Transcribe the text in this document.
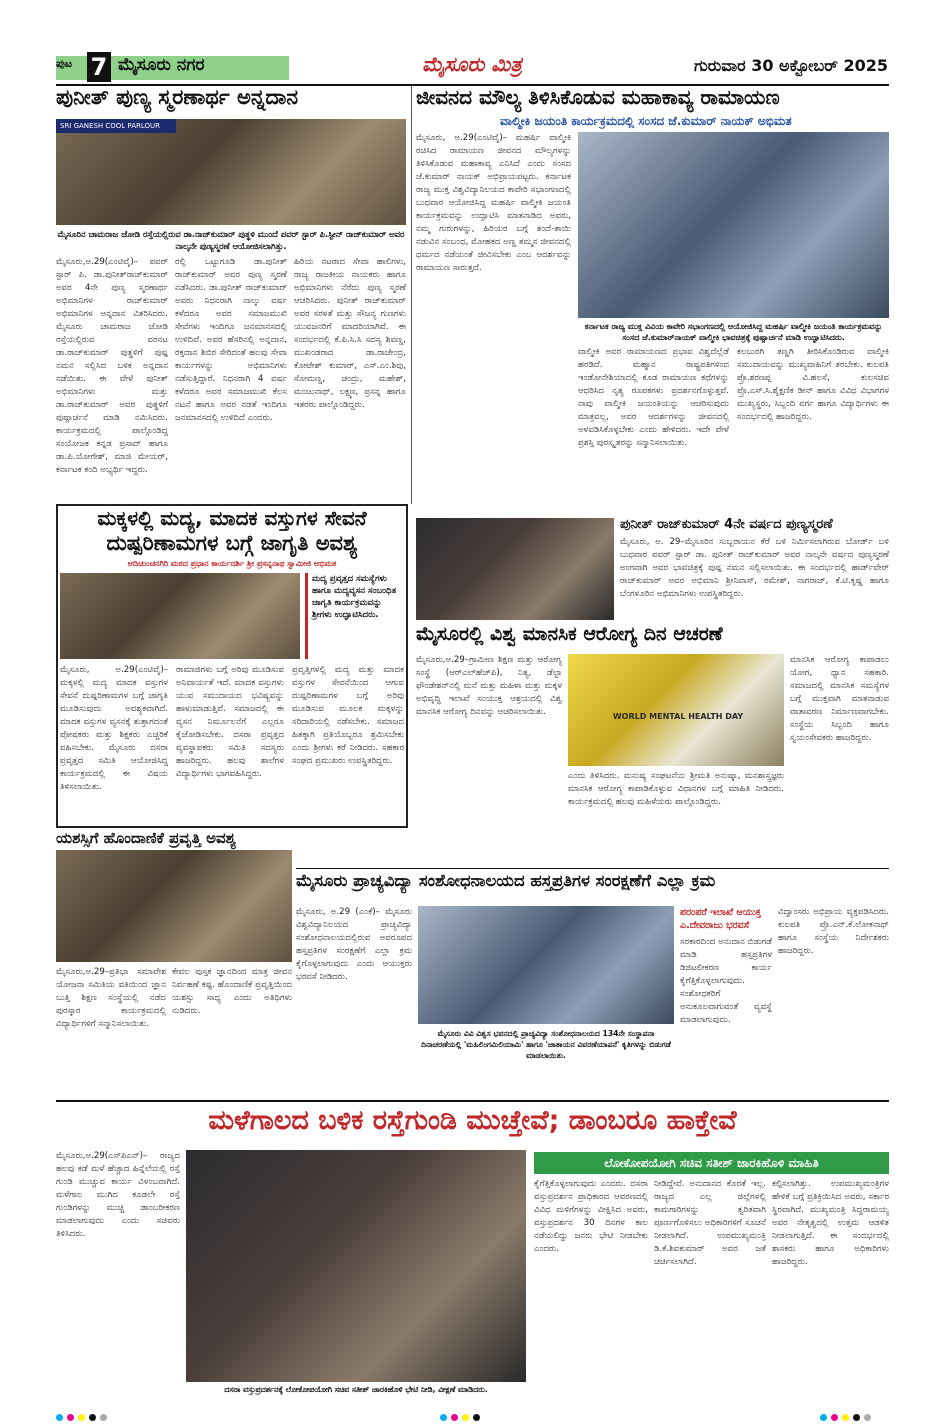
ಪುಟ 7 ಮೈಸೂರು ನಗರ	ಮೈಸೂರು ಮಿತ್ರ	ಗುರುವಾರ 30 ಅಕ್ಟೋಬರ್ 2025
ಪುನೀತ್ ಪುಣ್ಯ ಸ್ಮರಣಾರ್ಥ ಅನ್ನದಾನ
SRI GANESH COOL PARLOUR
ಮೈಸೂರಿನ ಚಾಮರಾಜ ಜೋಡಿ ರಸ್ತೆಯಲ್ಲಿರುವ ಡಾ.ರಾಜ್‌ಕುಮಾರ್ ಪುತ್ಥಳಿ ಮುಂದೆ ಪವರ್ ಸ್ಟಾರ್ ಪಿ.ಸ್ಟೀನ್ ರಾಜ್‌ಕುಮಾರ್ ಅವರ ನಾಲ್ಕನೇ ಪುಣ್ಯಸ್ಮರಣೆ ಆಯೋಜಿಸಲಾಗಿತ್ತು.
ಮೈಸೂರು,ಅ.29(ಎಂಟಿವೈ)– ಪವರ್ ಸ್ಟಾರ್ ಪಿ. ಡಾ.ಪುನೀತ್‌ರಾಜ್‌ಕುಮಾರ್ ಅವರ 4ನೇ ಪುಣ್ಯ ಸ್ಮರಣಾರ್ಥ ಅಭಿಮಾನಿಗಳ ರಾಜ್‌ಕುಮಾರ್ ಅಭಿಮಾನಿಗಳ ಅನ್ನದಾನ ವಿತರಿಸಿದರು. ಮೈಸೂರು ಚಾಮರಾಜ ಜೋಡಿ ರಸ್ತೆಯಲ್ಲಿರುವ ವರನಟ ಡಾ.ರಾಜ್‌ಕುಮಾರ್ ಪುತ್ಥಳಿಗೆ ಪುಷ್ಪ ನಮನ ಸಲ್ಲಿಸಿದ ಬಳಿಕ ಅನ್ನದಾನ ನಡೆಯಿತು. ಈ ವೇಳೆ ಪುನೀತ್ ಅಭಿಮಾನಿಗಳು ಮತ್ತು ಡಾ.ರಾಜ್‌ಕುಮಾರ್ ಅವರ ಪುತ್ಥಳಿಗೆ ಪುಷ್ಪಾರ್ಚನೆ ಮಾಡಿ ನಮಿಸಿದರು. ಕಾರ್ಯಕ್ರಮದಲ್ಲಿ ಪಾಲ್ಗೊಂಡಿದ್ದ ಸಂಯೋಜಕ ಕನ್ನಡ ಪ್ರಸಾದ್ ಹಾಗೂ ಡಾ.ಪಿ.ಯೋಗೇಶ್, ಮಾಜಿ ಮೇಯರ್, ಕರ್ನಾಟಕ ಕಂದಿ ಅಭ್ಯರ್ಥಿ ಇದ್ದರು.
ರಲ್ಲಿ ಒಟ್ಟುಗೂಡಿ ಡಾ.ಪುನೀತ್ ರಾಜ್‌ಕುಮಾರ್ ಅವರ ಪುಣ್ಯ ಸ್ಮರಣೆ ನಡೆಸಿದರು. ಡಾ.ಪುನೀತ್ ರಾಜ್‌ಕುಮಾರ್ ಅವರು ನಿಧನರಾಗಿ ನಾಲ್ಕು ವರ್ಷ ಕಳೆದರೂ ಅವರ ಸಮಾಜಮುಖಿ ಸೇವೆಗಳು ಇಂದಿಗೂ ಜನಮಾನಸದಲ್ಲಿ ಉಳಿದಿವೆ. ಅವರ ಹೆಸರಿನಲ್ಲಿ ಅನ್ನದಾನ, ರಕ್ತದಾನ ಶಿಬಿರ ಸೇರಿದಂತೆ ಹಲವು ಸೇವಾ ಕಾರ್ಯಗಳನ್ನು ಅಭಿಮಾನಿಗಳು ನಡೆಸುತ್ತಿದ್ದಾರೆ. ನಿಧನರಾಗಿ 4 ವರ್ಷ ಕಳೆದರೂ ಅವರ ಸಮಾಜಮುಖಿ ಕೆಲಸ ನಟನೆ ಹಾಗೂ ಅವರ ನಡತೆ ಇಂದಿಗೂ ಜನಮಾನಸದಲ್ಲಿ ಉಳಿದಿದೆ ಎಂದರು.
ಹಿರಿಯ ನಟರಾದ ಸೇವಾ ಹಾಲಿಗಳು, ರಾಜ್ಯ ರಾಜಕೀಯ ನಾಯಕರು ಹಾಗೂ ಅಭಿಮಾನಿಗಳು ನೆರೆದು ಪುಣ್ಯ ಸ್ಮರಣೆ ಆಚರಿಸಿದರು. ಪುನೀತ್ ರಾಜ್‌ಕುಮಾರ್ ಅವರ ಸರಳತೆ ಮತ್ತು ಸೌಜನ್ಯ ಗುಣಗಳು ಯುವಜನರಿಗೆ ಮಾದರಿಯಾಗಿವೆ. ಈ ಸಂದರ್ಭದಲ್ಲಿ ಕೆ.ಪಿ.ಸಿ.ಸಿ ಸದಸ್ಯ ಶಿವಣ್ಣ, ಮುಖಂಡರಾದ ಡಾ.ರಾಜೇಂದ್ರ, ಕೋಟೇಶ್ ಕುಮಾರ್, ಎಸ್.ಎಂ.ಶಿವು, ಸೋಮಣ್ಣ, ಚಂದ್ರು, ಮಹೇಶ್, ಮಂಜುನಾಥ್, ಲಕ್ಷ್ಮಣ, ಪ್ರಸನ್ನ ಹಾಗೂ ಇತರರು ಪಾಲ್ಗೊಂಡಿದ್ದರು.
ಜೀವನದ ಮೌಲ್ಯ ತಿಳಿಸಿಕೊಡುವ ಮಹಾಕಾವ್ಯ ರಾಮಾಯಣ
ವಾಲ್ಮೀಕಿ ಜಯಂತಿ ಕಾರ್ಯಕ್ರಮದಲ್ಲಿ ಸಂಸದ ಜೆ.ಕುಮಾರ್ ನಾಯಕ್ ಅಭಿಮತ
ಮೈಸೂರು, ಅ.29(ಎಂಟಿವೈ)– ಮಹರ್ಷಿ ವಾಲ್ಮೀಕಿ ರಚಿಸಿದ ರಾಮಾಯಣ ಜೀವನದ ಮೌಲ್ಯಗಳನ್ನು ತಿಳಿಸಿಕೊಡುವ ಮಹಾಕಾವ್ಯ ಎನಿಸಿದೆ ಎಂದು ಸಂಸದ ಜೆ.ಕುಮಾರ್ ನಾಯಕ್ ಅಭಿಪ್ರಾಯಪಟ್ಟರು. ಕರ್ನಾಟಕ ರಾಜ್ಯ ಮುಕ್ತ ವಿಶ್ವವಿದ್ಯಾನಿಲಯದ ಕಾವೇರಿ ಸಭಾಂಗಣದಲ್ಲಿ ಬುಧವಾರ ಆಯೋಜಿಸಿದ್ದ ಮಹರ್ಷಿ ವಾಲ್ಮೀಕಿ ಜಯಂತಿ ಕಾರ್ಯಕ್ರಮವನ್ನು ಉದ್ಘಾಟಿಸಿ ಮಾತನಾಡಿದ ಅವರು, ನಮ್ಮ ಗುರುಗಳನ್ನು, ಹಿರಿಯರ ಬಗ್ಗೆ ತಂದೆ-ತಾಯಿ ನಡುವಿನ ಸಂಬಂಧ, ಮೋಹಕದ ಅಣ್ಣ ತಮ್ಮನ ಜೀವನದಲ್ಲಿ ಧರ್ಮದ ನಡೆಯಂತೆ ಜೀವಿಸಬೇಕು ಎಂಬ ಆದರ್ಶವನ್ನು ರಾಮಾಯಣ ಸಾರುತ್ತದೆ.
ಕರ್ನಾಟಕ ರಾಜ್ಯ ಮುಕ್ತ ವಿವಿಯ ಕಾವೇರಿ ಸಭಾಂಗಣದಲ್ಲಿ ಆಯೋಜಿಸಿದ್ದ ಮಹರ್ಷಿ ವಾಲ್ಮೀಕಿ ಜಯಂತಿ ಕಾರ್ಯಕ್ರಮವನ್ನು ಸಂಸದ ಜೆ.ಕುಮಾರ್‌ನಾಯಕ್ ವಾಲ್ಮೀಕಿ ಭಾವಚಿತ್ರಕ್ಕೆ ಪುಷ್ಪಾರ್ಚನೆ ಮಾಡಿ ಉದ್ಘಾಟಿಸಿದರು.
ವಾಲ್ಮೀಕಿ ಅವರ ರಾಮಾಯಣದ ಪ್ರಭಾವ ವಿಶ್ವದೆಲ್ಲೆಡೆ ಹರಡಿದೆ. ಮಹ್ಮಾನ ರಾಷ್ಟ್ರಪತಿಗಳಿಂದ ಇಂಡೋನೇಶಿಯಾದಲ್ಲಿ ಕೂಡ ರಾಮಾಯಣ ಕಥೆಗಳನ್ನು ಆಧರಿಸಿದ ನೃತ್ಯ ರೂಪಕಗಳು ಪ್ರದರ್ಶನಗೊಳ್ಳುತ್ತವೆ. ನಾವು ವಾಲ್ಮೀಕಿ ಜಯಂತಿಯನ್ನು ಆಚರಿಸುವುದು ಮಾತ್ರವಲ್ಲ, ಅವರ ಆದರ್ಶಗಳನ್ನು ಜೀವನದಲ್ಲಿ ಅಳವಡಿಸಿಕೊಳ್ಳಬೇಕು ಎಂದು ಹೇಳಿದರು. ಇದೇ ವೇಳೆ ಪ್ರಶಸ್ತಿ ಪುರಸ್ಕೃತರನ್ನು ಸನ್ಮಾನಿಸಲಾಯಿತು.
ಕಲಬುರಗಿ ತಣ್ಣಗಿ ತೀರಿಸಿಕೊಂಡಿರುವ ವಾಲ್ಮೀಕಿ ಸಮುದಾಯವನ್ನು ಮುಖ್ಯವಾಹಿನಿಗೆ ತರಬೇಕು. ಕುಲಪತಿ ಪ್ರೊ.ಶರಣಪ್ಪ ವಿ.ಹಲಸೆ, ಕುಲಸಚಿವ ಪ್ರೊ.ಎಸ್.ಸಿ.ಶೈಕ್ಷಣಿಕ ಡೀನ್ ಹಾಗೂ ವಿವಿಧ ವಿಭಾಗಗಳ ಮುಖ್ಯಸ್ಥರು, ಸಿಬ್ಬಂದಿ ವರ್ಗ ಹಾಗೂ ವಿದ್ಯಾರ್ಥಿಗಳು ಈ ಸಂದರ್ಭದಲ್ಲಿ ಹಾಜರಿದ್ದರು.
ಮಕ್ಕಳಲ್ಲಿ ಮದ್ಯ, ಮಾದಕ ವಸ್ತುಗಳ ಸೇವನೆ
ದುಷ್ಪರಿಣಾಮಗಳ ಬಗ್ಗೆ ಜಾಗೃತಿ ಅವಶ್ಯ
ಆದಿಚುಂಚನಗಿರಿ ಮಠದ ಪ್ರಧಾನ ಕಾರ್ಯದರ್ಶಿ ಶ್ರೀ ಪ್ರಸನ್ನನಾಥ ಸ್ವಾಮೀಜಿ ಅಭಿಮತ
ಮದ್ಯ ಪ್ರವೃತ್ತದ ಸಮಸ್ಯೆಗಳು ಹಾಗೂ ಮದ್ಯವ್ಯಸನ ಸಂಬಂಧಿತ ಜಾಗೃತಿ ಕಾರ್ಯಕ್ರಮವನ್ನು ಶ್ರೀಗಳು ಉದ್ಘಾಟಿಸಿದರು.
ಮೈಸೂರು, ಅ.29(ಎಂಟಿವೈ)– ಮಕ್ಕಳಲ್ಲಿ ಮದ್ಯ ಮಾದಕ ವಸ್ತುಗಳ ಸೇವನೆ ದುಷ್ಪರಿಣಾಮಗಳ ಬಗ್ಗೆ ಜಾಗೃತಿ ಮೂಡಿಸುವುದು ಅವಶ್ಯಕವಾಗಿದೆ. ಮಾದಕ ವಸ್ತುಗಳ ವ್ಯಸನಕ್ಕೆ ತುತ್ತಾಗದಂತೆ ಪೋಷಕರು ಮತ್ತು ಶಿಕ್ಷಕರು ಎಚ್ಚರಿಕೆ ವಹಿಸಬೇಕು. ಮೈಸೂರು ದಸರಾ ಪ್ರವೃತ್ತದ ಸಮಿತಿ ಆಯೋಜಿಸಿದ್ದ ಕಾರ್ಯಕ್ರಮದಲ್ಲಿ ಈ ವಿಷಯ ತಿಳಿಸಲಾಯಿತು.
ರಾಮಾಜಿಗಳು ಬಗ್ಗೆ ಅರಿವು ಮೂಡಿಸುವ ಅನಿವಾರ್ಯತೆ ಇದೆ. ಮಾದಕ ವಸ್ತುಗಳು ಯುವ ಸಮುದಾಯದ ಭವಿಷ್ಯವನ್ನು ಹಾಳುಮಾಡುತ್ತಿವೆ. ಸಮಾಜದಲ್ಲಿ ಈ ವ್ಯಸನ ನಿರ್ಮೂಲನೆಗೆ ಎಲ್ಲರೂ ಕೈಜೋಡಿಸಬೇಕು. ದಸರಾ ಪ್ರವೃತ್ತದ ವ್ಯವಸ್ಥಾಪಕರು ಸಮಿತಿ ಸದಸ್ಯರು ಹಾಜರಿದ್ದರು. ಹಲವು ಶಾಲೆಗಳ ವಿದ್ಯಾರ್ಥಿಗಳು ಭಾಗವಹಿಸಿದ್ದರು.
ಪ್ರವೃತ್ತಿಗಳಲ್ಲಿ ಮದ್ಯ ಮತ್ತು ಮಾದಕ ವಸ್ತುಗಳ ಸೇವನೆಯಿಂದ ಆಗುವ ದುಷ್ಪರಿಣಾಮಗಳ ಬಗ್ಗೆ ಅರಿವು ಮೂಡಿಸುವ ಮೂಲಕ ಮಕ್ಕಳನ್ನು ಸರಿದಾರಿಯಲ್ಲಿ ನಡೆಸಬೇಕು. ಸಮಾಜದ ಹಿತಕ್ಕಾಗಿ ಪ್ರತಿಯೊಬ್ಬರೂ ಶ್ರಮಿಸಬೇಕು ಎಂದು ಶ್ರೀಗಳು ಕರೆ ನೀಡಿದರು. ಸಹಕಾರ ಸಂಘದ ಪ್ರಮುಖರು ಉಪಸ್ಥಿತರಿದ್ದರು.
ಪುನೀತ್ ರಾಜ್‌ಕುಮಾರ್ 4ನೇ ವರ್ಷದ ಪುಣ್ಯಸ್ಮರಣೆ
ಮೈಸೂರು, ಅ. 29–ಮೈಸೂರಿನ ಸುಬ್ಬರಾಯನ ಕೆರೆ ಬಳಿ ನಿರ್ಮಿಸಲಾಗಿರುವ ಬೋರ್ಡ್ ಬಳಿ ಬುಧವಾರ ಪವರ್ ಸ್ಟಾರ್ ಡಾ. ಪುನೀತ್ ರಾಜ್‌ಕುಮಾರ್ ಅವರ ನಾಲ್ಕನೇ ವರ್ಷದ ಪುಣ್ಯಸ್ಮರಣೆ ಅಂಗವಾಗಿ ಅವರ ಭಾವಚಿತ್ರಕ್ಕೆ ಪುಷ್ಪ ನಮನ ಸಲ್ಲಿಸಲಾಯಿತು. ಈ ಸಂದರ್ಭದಲ್ಲಿ ಹಾರ್ಡ್‌ವೇರ್ ರಾಜ್‌ಕುಮಾರ್ ಅವರ ಅಭಿಮಾನಿ ಶ್ರೀನಿವಾಸ್, ರಮೇಶ್, ನಾಗರಾಜ್, ಕೆ.ಟಿ.ಕೃಷ್ಣ ಹಾಗೂ ಬೆಂಗಳೂರಿನ ಅಭಿಮಾನಿಗಳು ಉಪಸ್ಥಿತರಿದ್ದರು.
ಮೈಸೂರಲ್ಲಿ ವಿಶ್ವ ಮಾನಸಿಕ ಆರೋಗ್ಯ ದಿನ ಆಚರಣೆ
ಮೈಸೂರು,ಅ.29–ಗ್ರಾಮೀಣ ಶಿಕ್ಷಣ ಮತ್ತು ಆರೋಗ್ಯ ಸಂಸ್ಥೆ (ಆರ್‌ಎಲ್‌ಹೆಚ್‌ಪಿ), ನಿತ್ಯ, ಡೆಲ್ಟಾ ಫೌಂಡೇಶನ್‌ನಲ್ಲಿ ಮನೆ ಮತ್ತು ಮಹಿಳಾ ಮತ್ತು ಮಕ್ಕಳ ಅಭಿವೃದ್ಧಿ ಇಲಾಖೆ ಸಂಯುಕ್ತ ಆಶ್ರಯದಲ್ಲಿ ವಿಶ್ವ ಮಾನಸಿಕ ಆರೋಗ್ಯ ದಿನವನ್ನು ಆಚರಿಸಲಾಯಿತು.	WORLD MENTAL HEALTH DAY
ಎಂದು ತಿಳಿಸಿದರು. ಮನುಷ್ಯ ಸಂಘಟನೆಯ ಶ್ರೀಮತಿ ಅನುಷ್ಕಾ, ಮನಶಾಸ್ತ್ರಜ್ಞರು ಮಾನಸಿಕ ಆರೋಗ್ಯ ಕಾಪಾಡಿಕೊಳ್ಳುವ ವಿಧಾನಗಳ ಬಗ್ಗೆ ಮಾಹಿತಿ ನೀಡಿದರು. ಕಾರ್ಯಕ್ರಮದಲ್ಲಿ ಹಲವು ಮಹಿಳೆಯರು ಪಾಲ್ಗೊಂಡಿದ್ದರು.
ಮಾನಸಿಕ ಆರೋಗ್ಯ ಕಾಪಾಡಲು ಯೋಗ, ಧ್ಯಾನ ಸಹಕಾರಿ. ಸಮಾಜದಲ್ಲಿ ಮಾನಸಿಕ ಸಮಸ್ಯೆಗಳ ಬಗ್ಗೆ ಮುಕ್ತವಾಗಿ ಮಾತನಾಡುವ ವಾತಾವರಣ ನಿರ್ಮಾಣವಾಗಬೇಕು. ಸಂಸ್ಥೆಯ ಸಿಬ್ಬಂದಿ ಹಾಗೂ ಸ್ವಯಂಸೇವಕರು ಹಾಜರಿದ್ದರು.
ಯಶಸ್ಸಿಗೆ ಹೊಂದಾಣಿಕೆ ಪ್ರವೃತ್ತಿ ಅವಶ್ಯ
ಮೈಸೂರು,ಅ.29–ಪ್ರತಿಭಾ ಸಮಾವೇಶ ಯೋಜನಾ ಸಮಿತಿಯ ವತಿಯಿಂದ ಜ್ಞಾನ ಬುತ್ತಿ ಶಿಕ್ಷಣ ಸಂಸ್ಥೆಯಲ್ಲಿ ನಡೆದ ಪುರಸ್ಕಾರ ಕಾರ್ಯಕ್ರಮದಲ್ಲಿ ವಿದ್ಯಾರ್ಥಿಗಳಿಗೆ ಸನ್ಮಾನಿಸಲಾಯಿತು.
ಕೇವಲ ಪುಸ್ತಕ ಜ್ಞಾನದಿಂದ ಮಾತ್ರ ಜೀವನ ನಿರ್ವಹಣೆ ಕಷ್ಟ. ಹೊಂದಾಣಿಕೆ ಪ್ರವೃತ್ತಿಯಿಂದ ಯಶಸ್ಸು ಸಾಧ್ಯ ಎಂದು ಅತಿಥಿಗಳು ನುಡಿದರು.
ಮೈಸೂರು ಪ್ರಾಚ್ಯವಿದ್ಯಾ ಸಂಶೋಧನಾಲಯದ ಹಸ್ತಪ್ರತಿಗಳ ಸಂರಕ್ಷಣೆಗೆ ಎಲ್ಲಾ ಕ್ರಮ
ಮೈಸೂರು, ಅ.29 (ಎಂಕೆ)– ಮೈಸೂರು ವಿಶ್ವವಿದ್ಯಾನಿಲಯದ ಪ್ರಾಚ್ಯವಿದ್ಯಾ ಸಂಶೋಧನಾಲಯದಲ್ಲಿರುವ ಅಪರೂಪದ ಹಸ್ತಪ್ರತಿಗಳ ಸಂರಕ್ಷಣೆಗೆ ಎಲ್ಲಾ ಕ್ರಮ ಕೈಗೊಳ್ಳಲಾಗುವುದು ಎಂದು ಆಯುಕ್ತರು ಭರವಸೆ ನೀಡಿದರು.
ಮೈಸೂರು ವಿವಿ ವಿಶ್ವಸ ಭವನದಲ್ಲಿ ಪ್ರಾಚ್ಯವಿದ್ಯಾ ಸಂಶೋಧನಾಲಯದ 134ನೇ ಸಂಸ್ಥಾಪನಾ ದಿನಾಚರಣೆಯಲ್ಲಿ 'ಮಹಿಲಿಂಗಮಿಲಿಯಾಮಿ' ಹಾಗೂ 'ಜಾತಾಯನ ವಿವರಣೆಯಾಪನೆ' ಕೃತಿಗಳನ್ನು ಬಿಡುಗಡೆ ಮಾಡಲಾಯಿತು.
ಪರಂಪರೆ ಇಲಾಖೆ ಆಯುಕ್ತ ಎ.ದೇವರಾಜು ಭರವಸೆ
ಸರಕಾರದಿಂದ ಅನುದಾನ ಬಿಡುಗಡೆ ಮಾಡಿ ಹಸ್ತಪ್ರತಿಗಳ ಡಿಜಿಟಲೀಕರಣ ಕಾರ್ಯ ಕೈಗೆತ್ತಿಕೊಳ್ಳಲಾಗುವುದು. ಸಂಶೋಧಕರಿಗೆ ಅನುಕೂಲವಾಗುವಂತೆ ವ್ಯವಸ್ಥೆ ಮಾಡಲಾಗುವುದು.
ವಿದ್ವಾಂಸರು ಅಭಿಪ್ರಾಯ ವ್ಯಕ್ತಪಡಿಸಿದರು. ಕುಲಪತಿ ಪ್ರೊ.ಎನ್.ಕೆ.ಲೋಕನಾಥ್ ಹಾಗೂ ಸಂಸ್ಥೆಯ ನಿರ್ದೇಶಕರು ಹಾಜರಿದ್ದರು.
ಮಳೆಗಾಲದ ಬಳಿಕ ರಸ್ತೆಗುಂಡಿ ಮುಚ್ತೇವೆ; ಡಾಂಬರೂ ಹಾಕ್ತೇವೆ
ಮೈಸೂರು,ಅ.29(ಎಸ್‌ಪಿಎನ್)– ರಾಜ್ಯದ ಹಲವು ಕಡೆ ಮಳೆ ಹೆಚ್ಚಾದ ಹಿನ್ನೆಲೆಯಲ್ಲಿ ರಸ್ತೆ ಗುಂಡಿ ಮುಚ್ಚುವ ಕಾರ್ಯ ವಿಳಂಬವಾಗಿದೆ. ಮಳೆಗಾಲ ಮುಗಿದ ಕೂಡಲೇ ರಸ್ತೆ ಗುಂಡಿಗಳನ್ನು ಮುಚ್ಚಿ ಡಾಂಬರೀಕರಣ ಮಾಡಲಾಗುವುದು ಎಂದು ಸಚಿವರು ತಿಳಿಸಿದರು.
ದಸರಾ ವಸ್ತುಪ್ರದರ್ಶನಕ್ಕೆ ಲೋಕೋಪಯೋಗಿ ಸಚಿವ ಸತೀಶ್ ಜಾರಕಿಹೊಳಿ ಭೇಟಿ ನೀಡಿ, ವೀಕ್ಷಣೆ ಮಾಡಿದರು.
ಲೋಕೋಪಯೋಗಿ ಸಚಿವ ಸತೀಶ್ ಜಾರಕಿಹೊಳಿ ಮಾಹಿತಿ
ಕೈಗೆತ್ತಿಕೊಳ್ಳಲಾಗುವುದು ಎಂದರು. ದಸರಾ ವಸ್ತುಪ್ರದರ್ಶನ ಪ್ರಾಧಿಕಾರದ ಆವರಣದಲ್ಲಿ ವಿವಿಧ ಮಳಿಗೆಗಳನ್ನು ವೀಕ್ಷಿಸಿದ ಅವರು, ವಸ್ತುಪ್ರದರ್ಶನ 30 ದಿನಗಳ ಕಾಲ ನಡೆಯಲಿದ್ದು ಜನರು ಭೇಟಿ ನೀಡಬೇಕು ಎಂದರು.
ನೀಡಿದ್ದೇವೆ. ಅನುದಾನದ ಕೊರತೆ ಇಲ್ಲ. ರಾಜ್ಯದ ಎಲ್ಲ ಜಿಲ್ಲೆಗಳಲ್ಲಿ ಕಾಮಗಾರಿಗಳನ್ನು ತ್ವರಿತವಾಗಿ ಪೂರ್ಣಗೊಳಿಸಲು ಅಧಿಕಾರಿಗಳಿಗೆ ಸೂಚನೆ ನೀಡಲಾಗಿದೆ. ಉಪಮುಖ್ಯಮಂತ್ರಿ ಡಿ.ಕೆ.ಶಿವಕುಮಾರ್ ಅವರ ಜತೆ ಚರ್ಚಿಸಲಾಗಿದೆ.
ಕಲ್ಪಿಸಲಾಗಿತ್ತು. ಉಪಮುಖ್ಯಮಂತ್ರಿಗಳ ಹೇಳಿಕೆ ಬಗ್ಗೆ ಪ್ರತಿಕ್ರಿಯಿಸಿದ ಅವರು, ಸರ್ಕಾರ ಸ್ಥಿರವಾಗಿದೆ. ಮುಖ್ಯಮಂತ್ರಿ ಸಿದ್ದರಾಮಯ್ಯ ಅವರ ನೇತೃತ್ವದಲ್ಲಿ ಉತ್ತಮ ಆಡಳಿತ ನೀಡಲಾಗುತ್ತಿದೆ. ಈ ಸಂದರ್ಭದಲ್ಲಿ ಶಾಸಕರು ಹಾಗೂ ಅಧಿಕಾರಿಗಳು ಹಾಜರಿದ್ದರು.
